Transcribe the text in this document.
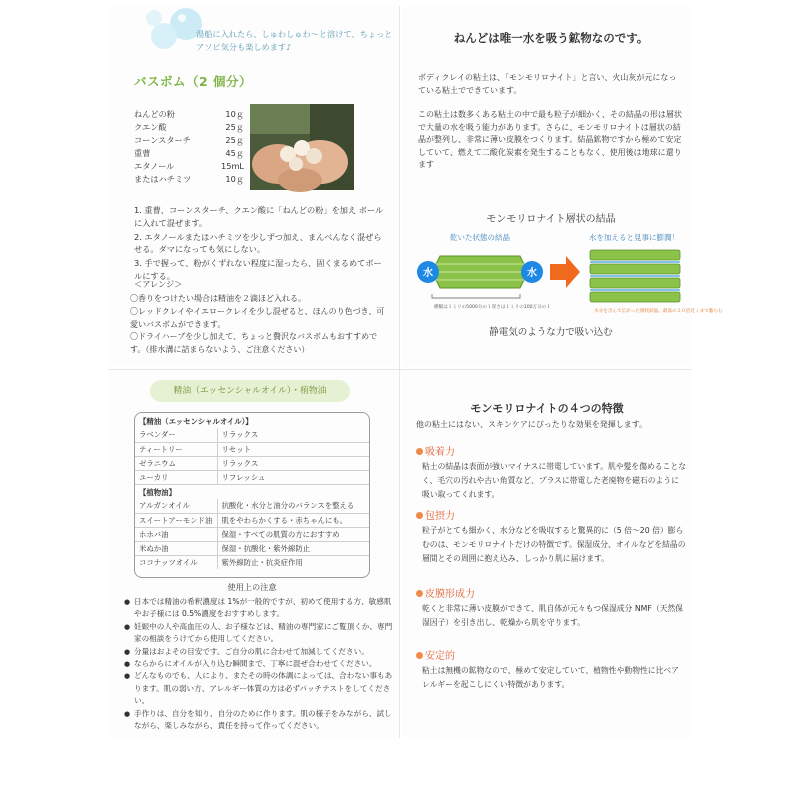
湯船に入れたら、しゅわしゅわ〜と溶けて、ちょっとアソビ気分も楽しめます♪
バスボム（2 個分）
ねんどの粉	10ｇ
クエン酸	25ｇ
コーンスターチ	25ｇ
重曹	45ｇ
エタノール	15mL
またはハチミツ	10ｇ

1. 重曹、コーンスターチ、クエン酸に「ねんどの粉」を加え ボールに入れて混ぜます。

2. エタノールまたはハチミツを少しずつ加え、まんべんなく混ぜらせる。ダマになっても気にしない。

3. 手で握って、粉がくずれない程度に湿ったら、固くまるめてボールにする。

＜アレンジ＞

〇香りをつけたい場合は精油を２滴ほど入れる。

〇レッドクレイやイエロークレイを少し混ぜると、ほんのり色づき、可愛いバスボムができます。

〇ドライハーブを少し加えて、ちょっと贅沢なバスボムもおすすめです。（排水溝に詰まらないよう、ご注意ください）

ねんどは唯一水を吸う鉱物なのです。

ボディクレイの粘土は、「モンモリロナイト」と言い、火山灰が元になっている粘土でできています。

この粘土は数多くある粘土の中で最も粒子が細かく、その結晶の形は層状で大量の水を吸う能力があります。さらに、モンモリロナイトは層状の結晶が整列し、非常に薄い皮膜をつくります。結晶鉱物ですから極めて安定していて、燃えて二酸化炭素を発生することもなく、使用後は地球に還ります

モンモリロナイト層状の結晶
乾いた状態の結晶
水	水
横幅は１ミリの5000分の１厚さは１ミリの100万分の１
水を加えると見事に膨潤！
水分を含んで広がった層状結晶。最高の２０倍近くまで膨らむ
静電気のような力で吸い込む
精油（エッセンシャルオイル）・植物油
【精油（エッセンシャルオイル）】	
ラベンダー	リラックス
ティートリー	リセット
ゼラニウム	リラックス
ユーカリ	リフレッシュ
【植物油】	
アルガンオイル	抗酸化・水分と油分のバランスを整える
スイートアーモンド油	肌をやわらかくする・赤ちゃんにも。
ホホバ油	保湿・すべての肌質の方におすすめ
米ぬか油	保湿・抗酸化・紫外線防止
ココナッツオイル	紫外線防止・抗炎症作用
使用上の注意

● 日本では精油の希釈濃度は 1%が一般的ですが、初めて使用する方、敏感肌やお子様には 0.5%濃度をおすすめします。

● 妊娠中の人や高血圧の人、お子様などは、精油の専門家にご覧頂くか、専門家の相談をうけてから使用してください。

● 分量はおよその目安です。ご自分の肌に合わせて加減してください。

● ならからにオイルが入り込む瞬間まで、丁寧に混ぜ合わせてください。

● どんなものでも、人により、またその時の体調によっては、合わない事もあります。肌の弱い方、アレルギー体質の方は必ずパッチテストをしてください。

● 手作りは、自分を知り、自分のために作ります。肌の様子をみながら、試しながら、楽しみながら、責任を持って作ってください。

モンモリロナイトの４つの特徴
他の粘土にはない、スキンケアにぴったりな効果を発揮します。
吸着力
粘土の結晶は表面が強いマイナスに帯電しています。肌や髪を傷めることなく、毛穴の汚れや古い角質など、プラスに帯電した老廃物を磁石のように吸い取ってくれます。
包摂力
粒子がとても細かく、水分などを吸収すると驚異的に（5 倍〜20 倍）膨らむのは、モンモリロナイトだけの特徴です。保湿成分、オイルなどを結晶の層間とその周囲に抱え込み、しっかり肌に届けます。
皮膜形成力
乾くと非常に薄い皮膜ができて、肌自体が元々もつ保湿成分 NMF（天然保湿因子）を引き出し、乾燥から肌を守ります。
安定的
粘土は無機の鉱物なので、極めて安定していて、植物性や動物性に比べアレルギーを起こしにくい特徴があります。
